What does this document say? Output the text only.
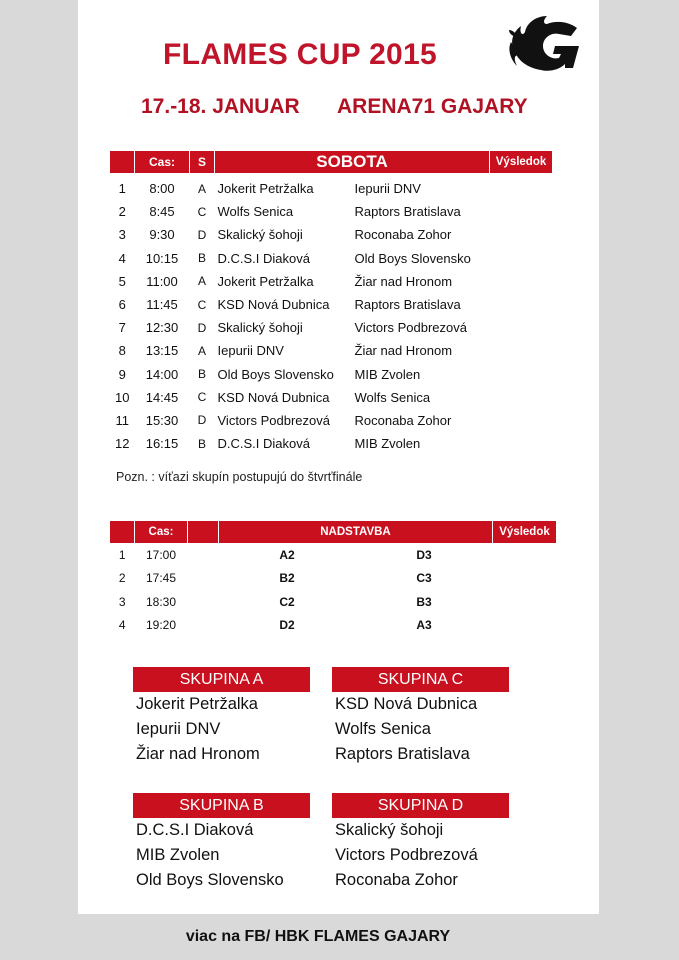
FLAMES CUP 2015
17.-18. JANUAR ARENA71 GAJARY
	Cas:	S	SOBOTA		Výsledok
1	8:00	A	Jokerit Petržalka	Iepurii DNV	
2	8:45	C	Wolfs Senica	Raptors Bratislava	
3	9:30	D	Skalický šohoji	Roconaba Zohor	
4	10:15	B	D.C.S.I Diaková	Old Boys Slovensko	
5	11:00	A	Jokerit Petržalka	Žiar nad Hronom	
6	11:45	C	KSD Nová Dubnica	Raptors Bratislava	
7	12:30	D	Skalický šohoji	Victors Podbrezová	
8	13:15	A	Iepurii DNV	Žiar nad Hronom	
9	14:00	B	Old Boys Slovensko	MIB Zvolen	
10	14:45	C	KSD Nová Dubnica	Wolfs Senica	
11	15:30	D	Victors Podbrezová	Roconaba Zohor	
12	16:15	B	D.C.S.I Diaková	MIB Zvolen	
Pozn. : víťazi skupín postupujú do štvrťfinále
	Cas:		NADSTAVBA		Výsledok
1	17:00		A2	D3	
2	17:45		B2	C3	
3	18:30		C2	B3	
4	19:20		D2	A3	
SKUPINA A
Jokerit Petržalka
Iepurii DNV
Žiar nad Hronom
SKUPINA C
KSD Nová Dubnica
Wolfs Senica
Raptors Bratislava
SKUPINA B
D.C.S.I Diaková
MIB Zvolen
Old Boys Slovensko
SKUPINA D
Skalický šohoji
Victors Podbrezová
Roconaba Zohor
viac na FB/ HBK FLAMES GAJARY
